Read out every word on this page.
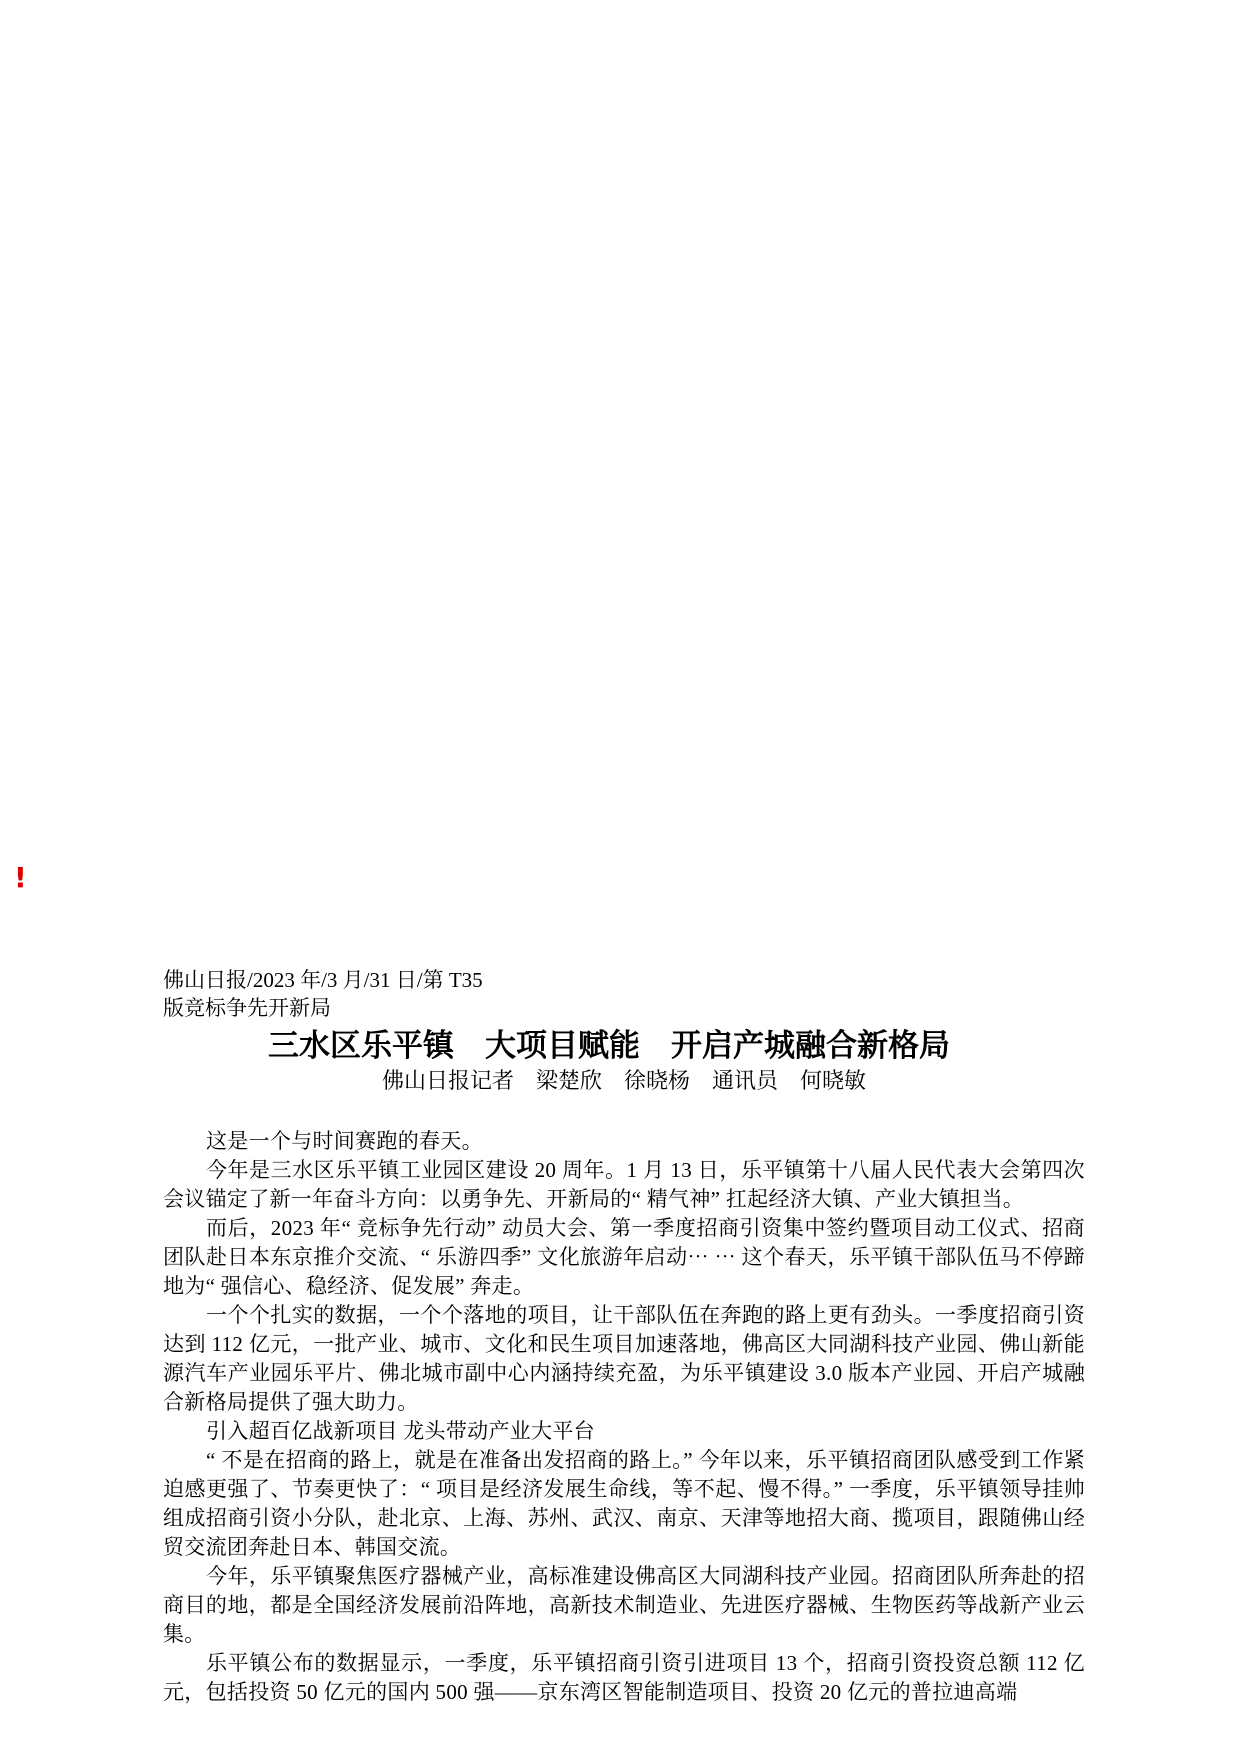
!
佛山日报/2023 年/3 月/31 日/第 T35
版竞标争先开新局
三水区乐平镇　大项目赋能　开启产城融合新格局
佛山日报记者　梁楚欣　徐晓杨　通讯员　何晓敏

这是一个与时间赛跑的春天。

今年是三水区乐平镇工业园区建设 20 周年。1 月 13 日，乐平镇第十八届人民代表大会第四次会议锚定了新一年奋斗方向：以勇争先、开新局的“ 精气神” 扛起经济大镇、产业大镇担当。

而后，2023 年“ 竞标争先行动” 动员大会、第一季度招商引资集中签约暨项目动工仪式、招商团队赴日本东京推介交流、“ 乐游四季” 文化旅游年启动⋯ ⋯ 这个春天，乐平镇干部队伍马不停蹄地为“ 强信心、稳经济、促发展” 奔走。

一个个扎实的数据，一个个落地的项目，让干部队伍在奔跑的路上更有劲头。一季度招商引资达到 112 亿元，一批产业、城市、文化和民生项目加速落地，佛高区大同湖科技产业园、佛山新能源汽车产业园乐平片、佛北城市副中心内涵持续充盈，为乐平镇建设 3.0 版本产业园、开启产城融合新格局提供了强大助力。

引入超百亿战新项目 龙头带动产业大平台

“ 不是在招商的路上，就是在准备出发招商的路上。” 今年以来，乐平镇招商团队感受到工作紧迫感更强了、节奏更快了：“ 项目是经济发展生命线，等不起、慢不得。” 一季度，乐平镇领导挂帅组成招商引资小分队，赴北京、上海、苏州、武汉、南京、天津等地招大商、揽项目，跟随佛山经贸交流团奔赴日本、韩国交流。

今年，乐平镇聚焦医疗器械产业，高标准建设佛高区大同湖科技产业园。招商团队所奔赴的招商目的地，都是全国经济发展前沿阵地，高新技术制造业、先进医疗器械、生物医药等战新产业云集。

乐平镇公布的数据显示，一季度，乐平镇招商引资引进项目 13 个，招商引资投资总额 112 亿元，包括投资 50 亿元的国内 500 强——京东湾区智能制造项目、投资 20 亿元的普拉迪高端
